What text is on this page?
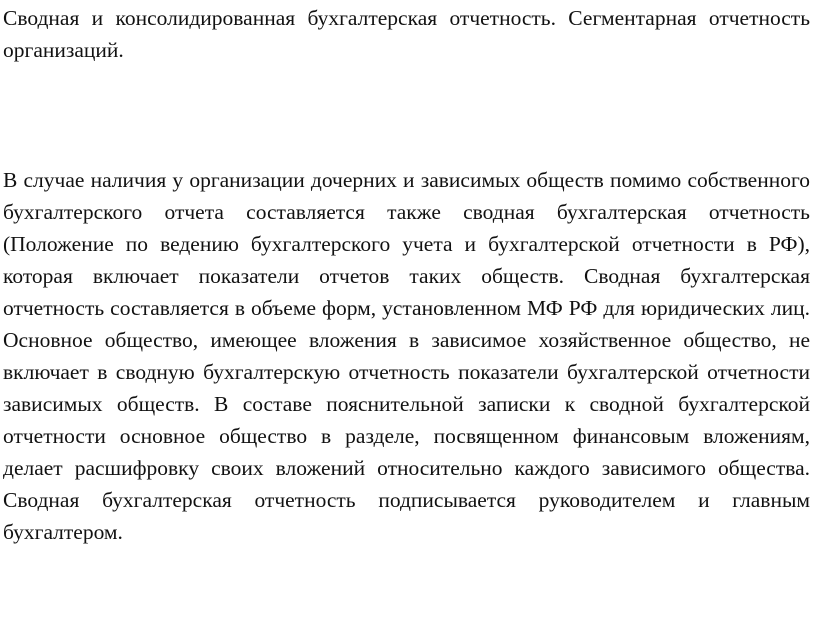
Сводная и консолидированная бухгалтерская отчетность. Сегментарная отчетность организаций.

В случае наличия у организации дочерних и зависимых обществ помимо собственного бухгалтерского отчета составляется также сводная бухгалтерская отчетность (Положение по ведению бухгалтерского учета и бухгалтерской отчетности в РФ), которая включает показатели отчетов таких обществ. Сводная бухгалтерская отчетность составляется в объеме форм, установленном МФ РФ для юридических лиц. Основное общество, имеющее вложения в зависимое хозяйственное общество, не включает в сводную бухгалтерскую отчетность показатели бухгалтерской отчетности зависимых обществ. В составе пояснительной записки к сводной бухгалтерской отчетности основное общество в разделе, посвященном финансовым вложениям, делает расшифровку своих вложений относительно каждого зависимого общества. Сводная бухгалтерская отчетность подписывается руководителем и главным бухгалтером.
